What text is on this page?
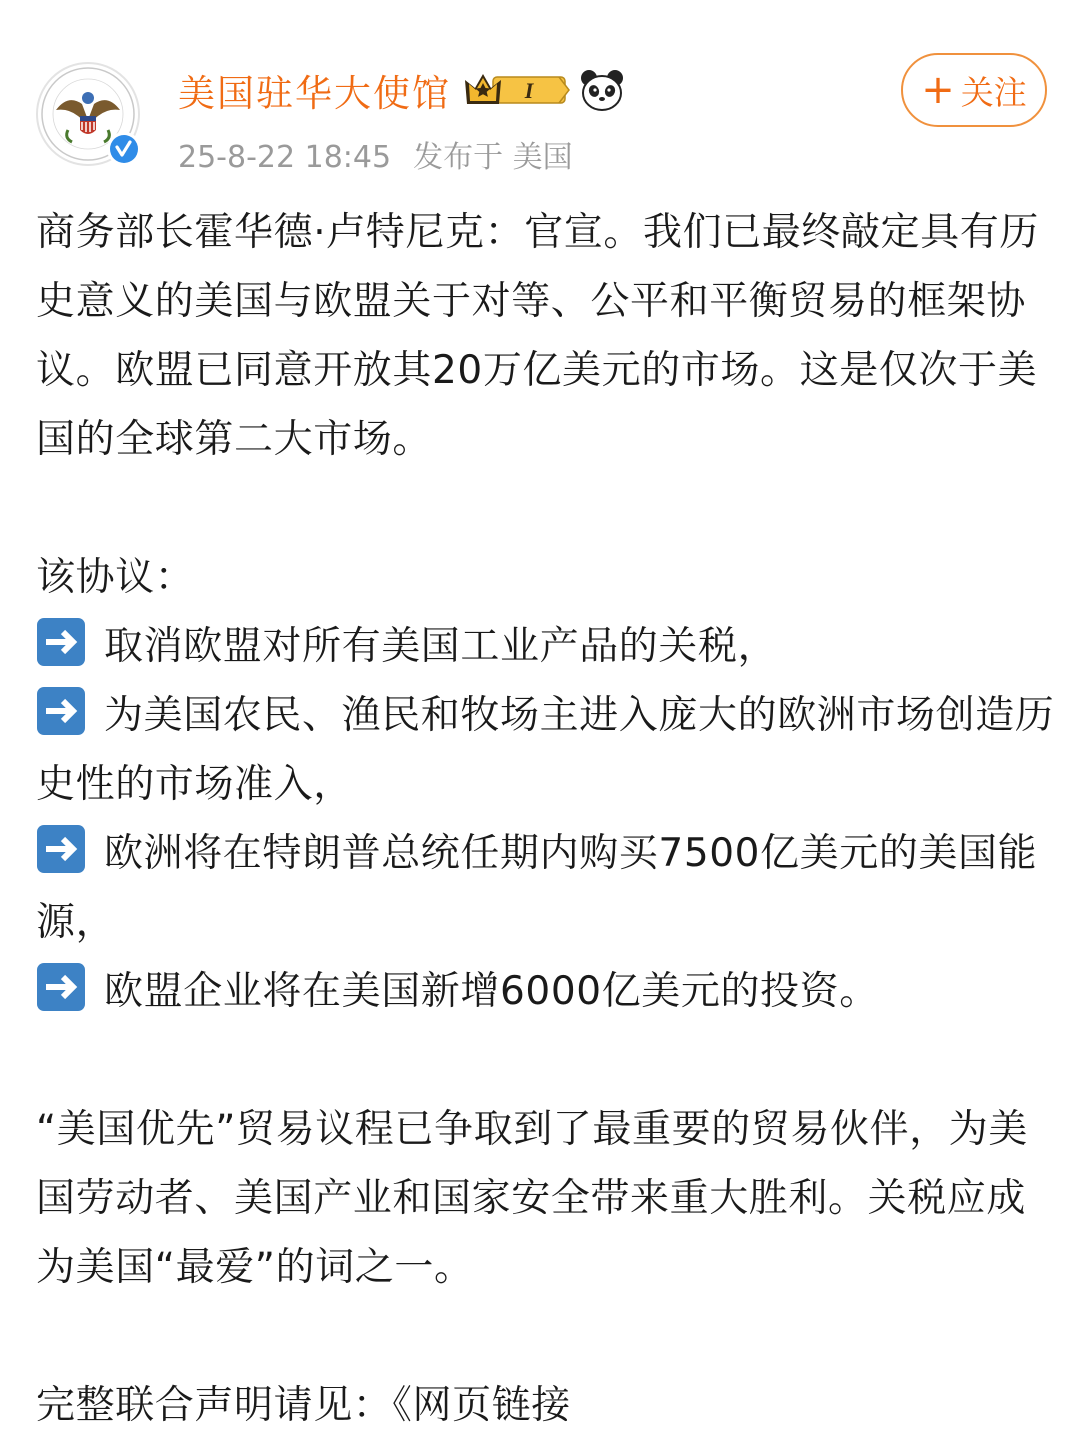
美国驻华大使馆	I
25-8-22 18:45 发布于 美国
+ 关注

商务部长霍华德·卢特尼克：官宣。我们已最终敲定具有历史意义的美国与欧盟关于对等、公平和平衡贸易的框架协议。欧盟已同意开放其20万亿美元的市场。这是仅次于美国的全球第二大市场。

该协议：

取消欧盟对所有美国工业产品的关税，

为美国农民、渔民和牧场主进入庞大的欧洲市场创造历史性的市场准入，

欧洲将在特朗普总统任期内购买7500亿美元的美国能源，

欧盟企业将在美国新增6000亿美元的投资。

“美国优先”贸易议程已争取到了最重要的贸易伙伴，为美国劳动者、美国产业和国家安全带来重大胜利。关税应成为美国“最爱”的词之一。

完整联合声明请见：《网页链接
